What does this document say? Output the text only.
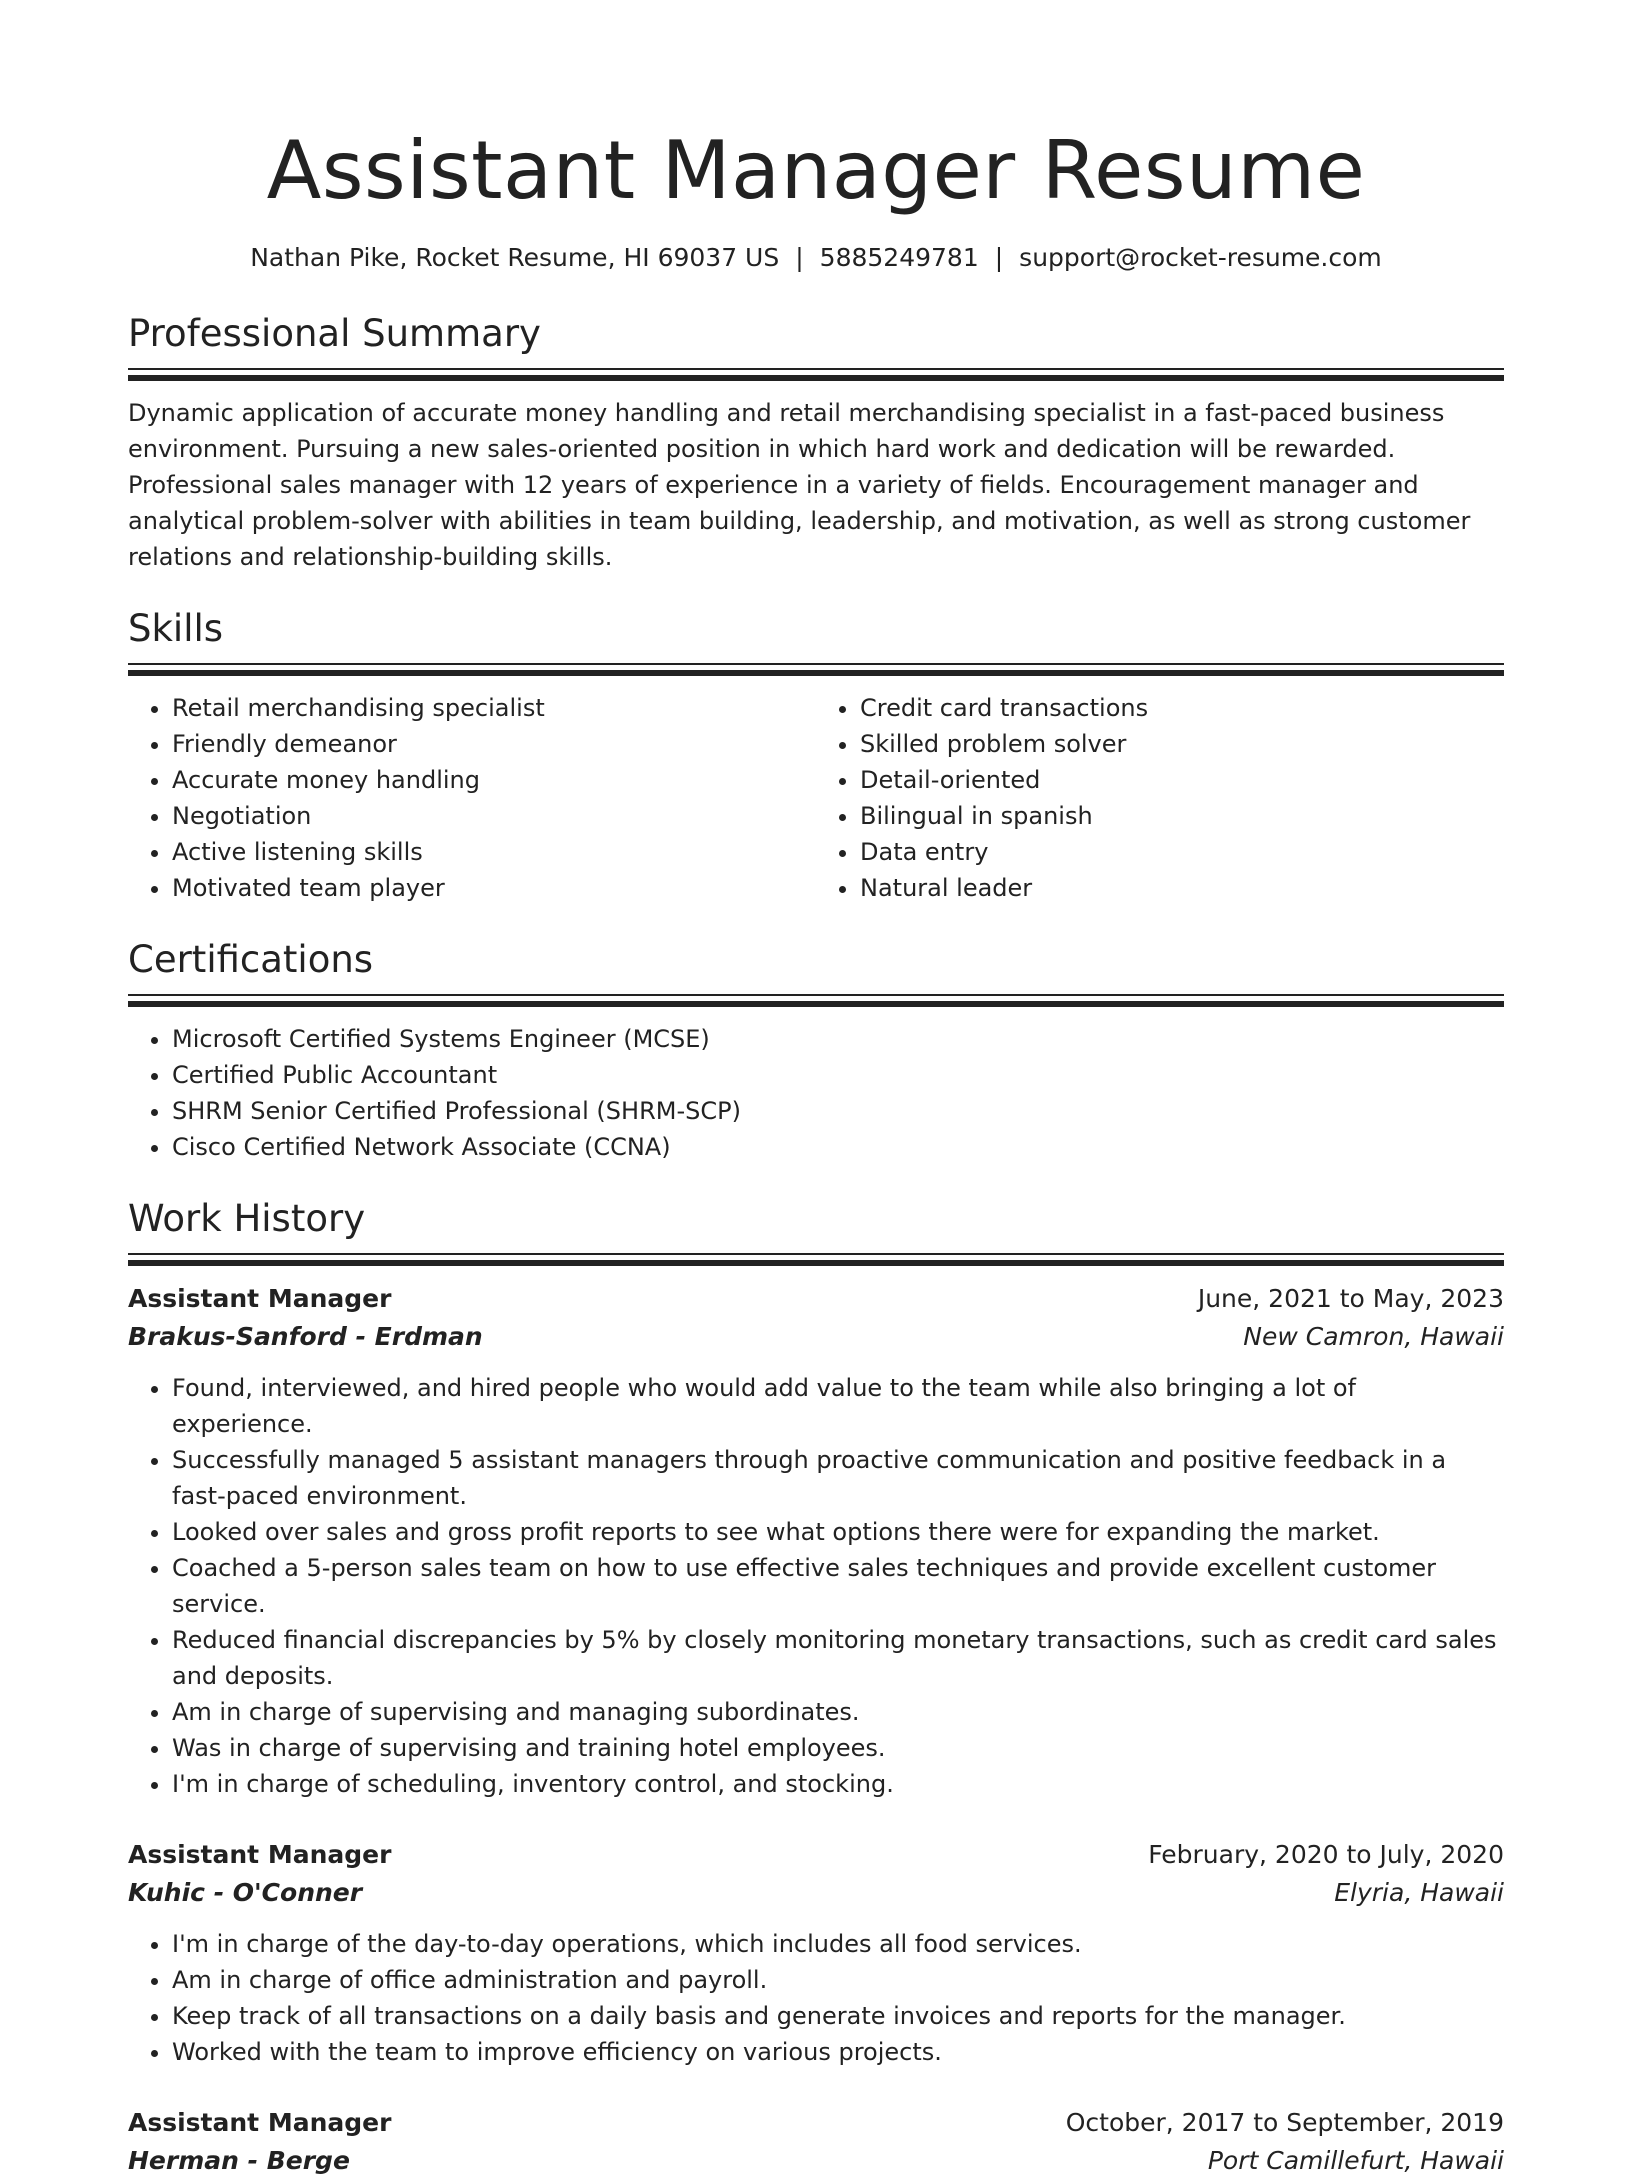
Assistant Manager Resume
Nathan Pike, Rocket Resume, HI 69037 US | 5885249781 | support@rocket-resume.com
Professional Summary

Dynamic application of accurate money handling and retail merchandising specialist in a fast-paced business environment. Pursuing a new sales-oriented position in which hard work and dedication will be rewarded. Professional sales manager with 12 years of experience in a variety of fields. Encouragement manager and analytical problem-solver with abilities in team building, leadership, and motivation, as well as strong customer relations and relationship-building skills.

Skills
• Retail merchandising specialist
• Friendly demeanor
• Accurate money handling
• Negotiation
• Active listening skills
• Motivated team player
• Credit card transactions
• Skilled problem solver
• Detail-oriented
• Bilingual in spanish
• Data entry
• Natural leader
Certifications
• Microsoft Certified Systems Engineer (MCSE)
• Certified Public Accountant
• SHRM Senior Certified Professional (SHRM-SCP)
• Cisco Certified Network Associate (CCNA)
Work History
Assistant Manager	June, 2021 to May, 2023
Brakus-Sanford - Erdman	New Camron, Hawaii
• Found, interviewed, and hired people who would add value to the team while also bringing a lot of experience.
• Successfully managed 5 assistant managers through proactive communication and positive feedback in a fast-paced environment.
• Looked over sales and gross profit reports to see what options there were for expanding the market.
• Coached a 5-person sales team on how to use effective sales techniques and provide excellent customer service.
• Reduced financial discrepancies by 5% by closely monitoring monetary transactions, such as credit card sales and deposits.
• Am in charge of supervising and managing subordinates.
• Was in charge of supervising and training hotel employees.
• I'm in charge of scheduling, inventory control, and stocking.
Assistant Manager	February, 2020 to July, 2020
Kuhic - O'Conner	Elyria, Hawaii
• I'm in charge of the day-to-day operations, which includes all food services.
• Am in charge of office administration and payroll.
• Keep track of all transactions on a daily basis and generate invoices and reports for the manager.
• Worked with the team to improve efficiency on various projects.
Assistant Manager	October, 2017 to September, 2019
Herman - Berge	Port Camillefurt, Hawaii
